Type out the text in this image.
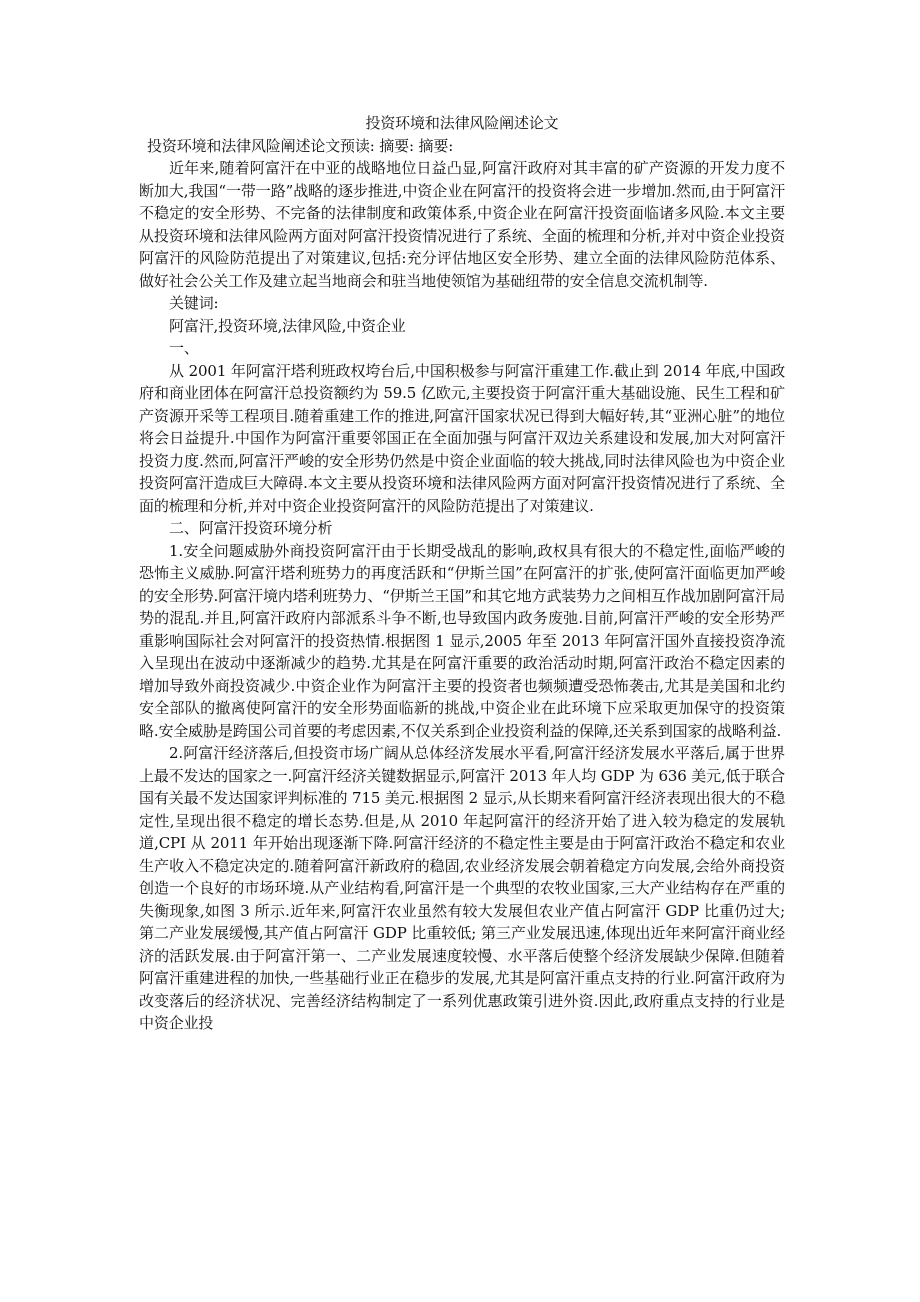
投资环境和法律风险阐述论文

投资环境和法律风险阐述论文预读: 摘要: 摘要:

近年来,随着阿富汗在中亚的战略地位日益凸显,阿富汗政府对其丰富的矿产资源的开发力度不断加大,我国“一带一路”战略的逐步推进,中资企业在阿富汗的投资将会进一步增加.然而,由于阿富汗不稳定的安全形势、不完备的法律制度和政策体系,中资企业在阿富汗投资面临诸多风险.本文主要从投资环境和法律风险两方面对阿富汗投资情况进行了系统、全面的梳理和分析,并对中资企业投资阿富汗的风险防范提出了对策建议,包括:充分评估地区安全形势、建立全面的法律风险防范体系、做好社会公关工作及建立起当地商会和驻当地使领馆为基础纽带的安全信息交流机制等.

关键词:

阿富汗,投资环境,法律风险,中资企业

一、

从 2001 年阿富汗塔利班政权垮台后,中国积极参与阿富汗重建工作.截止到 2014 年底,中国政府和商业团体在阿富汗总投资额约为 59.5 亿欧元,主要投资于阿富汗重大基础设施、民生工程和矿产资源开采等工程项目.随着重建工作的推进,阿富汗国家状况已得到大幅好转,其“亚洲心脏”的地位将会日益提升.中国作为阿富汗重要邻国正在全面加强与阿富汗双边关系建设和发展,加大对阿富汗投资力度.然而,阿富汗严峻的安全形势仍然是中资企业面临的较大挑战,同时法律风险也为中资企业投资阿富汗造成巨大障碍.本文主要从投资环境和法律风险两方面对阿富汗投资情况进行了系统、全面的梳理和分析,并对中资企业投资阿富汗的风险防范提出了对策建议.

二、阿富汗投资环境分析

1.安全问题威胁外商投资阿富汗由于长期受战乱的影响,政权具有很大的不稳定性,面临严峻的恐怖主义威胁.阿富汗塔利班势力的再度活跃和“伊斯兰国”在阿富汗的扩张,使阿富汗面临更加严峻的安全形势.阿富汗境内塔利班势力、“伊斯兰王国”和其它地方武装势力之间相互作战加剧阿富汗局势的混乱.并且,阿富汗政府内部派系斗争不断,也导致国内政务废弛.目前,阿富汗严峻的安全形势严重影响国际社会对阿富汗的投资热情.根据图 1 显示,2005 年至 2013 年阿富汗国外直接投资净流入呈现出在波动中逐渐减少的趋势.尤其是在阿富汗重要的政治活动时期,阿富汗政治不稳定因素的增加导致外商投资减少.中资企业作为阿富汗主要的投资者也频频遭受恐怖袭击,尤其是美国和北约安全部队的撤离使阿富汗的安全形势面临新的挑战,中资企业在此环境下应采取更加保守的投资策略.安全威胁是跨国公司首要的考虑因素,不仅关系到企业投资利益的保障,还关系到国家的战略利益.

2.阿富汗经济落后,但投资市场广阔从总体经济发展水平看,阿富汗经济发展水平落后,属于世界上最不发达的国家之一.阿富汗经济关键数据显示,阿富汗 2013 年人均 GDP 为 636 美元,低于联合国有关最不发达国家评判标准的 715 美元.根据图 2 显示,从长期来看阿富汗经济表现出很大的不稳定性,呈现出很不稳定的增长态势.但是,从 2010 年起阿富汗的经济开始了进入较为稳定的发展轨道,CPI 从 2011 年开始出现逐渐下降.阿富汗经济的不稳定性主要是由于阿富汗政治不稳定和农业生产收入不稳定决定的.随着阿富汗新政府的稳固,农业经济发展会朝着稳定方向发展,会给外商投资创造一个良好的市场环境.从产业结构看,阿富汗是一个典型的农牧业国家,三大产业结构存在严重的失衡现象,如图 3 所示.近年来,阿富汗农业虽然有较大发展但农业产值占阿富汗 GDP 比重仍过大; 第二产业发展缓慢,其产值占阿富汗 GDP 比重较低; 第三产业发展迅速,体现出近年来阿富汗商业经济的活跃发展.由于阿富汗第一、二产业发展速度较慢、水平落后使整个经济发展缺少保障.但随着阿富汗重建进程的加快,一些基础行业正在稳步的发展,尤其是阿富汗重点支持的行业.阿富汗政府为改变落后的经济状况、完善经济结构制定了一系列优惠政策引进外资.因此,政府重点支持的行业是中资企业投
